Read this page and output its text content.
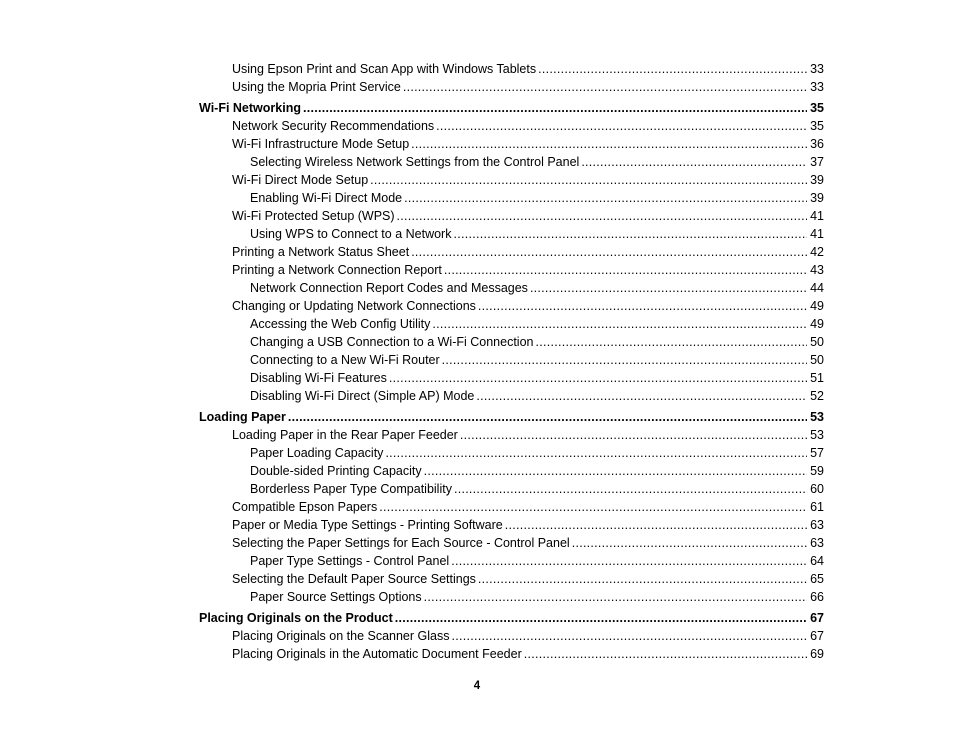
Using Epson Print and Scan App with Windows Tablets . . .	33
Using the Mopria Print Service . . .	33
Wi-Fi Networking . . .	35
Network Security Recommendations . . .	35
Wi-Fi Infrastructure Mode Setup . . .	36
Selecting Wireless Network Settings from the Control Panel . . .	37
Wi-Fi Direct Mode Setup . . .	39
Enabling Wi-Fi Direct Mode . . .	39
Wi-Fi Protected Setup (WPS) . . .	41
Using WPS to Connect to a Network . . .	41
Printing a Network Status Sheet . . .	42
Printing a Network Connection Report . . .	43
Network Connection Report Codes and Messages . . .	44
Changing or Updating Network Connections . . .	49
Accessing the Web Config Utility . . .	49
Changing a USB Connection to a Wi-Fi Connection . . .	50
Connecting to a New Wi-Fi Router . . .	50
Disabling Wi-Fi Features . . .	51
Disabling Wi-Fi Direct (Simple AP) Mode . . .	52
Loading Paper . . .	53
Loading Paper in the Rear Paper Feeder . . .	53
Paper Loading Capacity . . .	57
Double-sided Printing Capacity . . .	59
Borderless Paper Type Compatibility . . .	60
Compatible Epson Papers . . .	61
Paper or Media Type Settings - Printing Software . . .	63
Selecting the Paper Settings for Each Source - Control Panel . . .	63
Paper Type Settings - Control Panel . . .	64
Selecting the Default Paper Source Settings . . .	65
Paper Source Settings Options . . .	66
Placing Originals on the Product . . .	67
Placing Originals on the Scanner Glass . . .	67
Placing Originals in the Automatic Document Feeder . . .	69
4
